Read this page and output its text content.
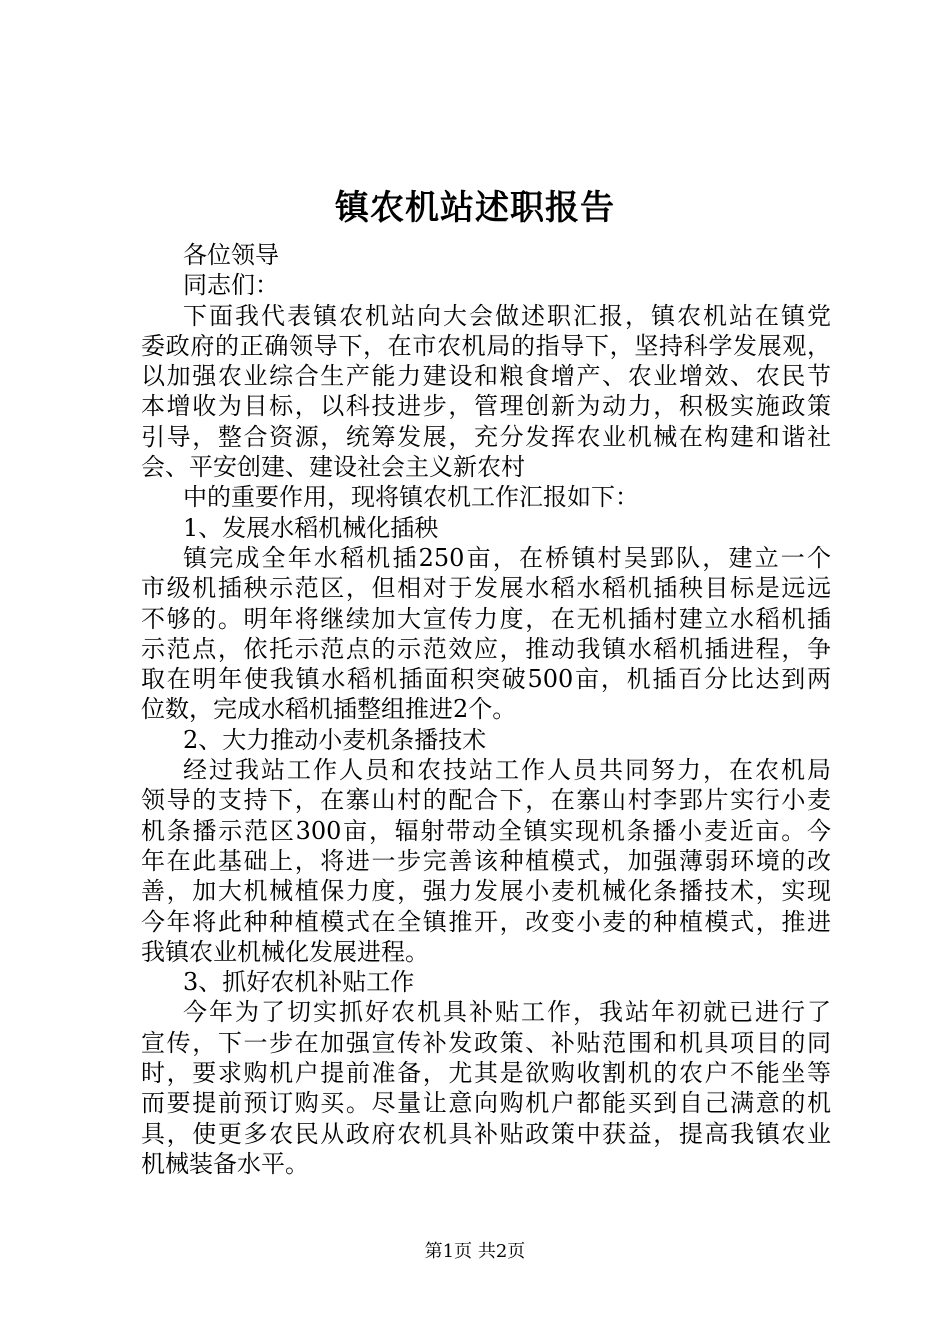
镇农机站述职报告
各位领导
同志们：
下面我代表镇农机站向大会做述职汇报，镇农机站在镇党
委政府的正确领导下，在市农机局的指导下，坚持科学发展观，
以加强农业综合生产能力建设和粮食增产、农业增效、农民节
本增收为目标，以科技进步，管理创新为动力，积极实施政策
引导，整合资源，统筹发展，充分发挥农业机械在构建和谐社
会、平安创建、建设社会主义新农村
中的重要作用，现将镇农机工作汇报如下：
1、发展水稻机械化插秧
镇完成全年水稻机插250亩，在桥镇村吴郢队，建立一个
市级机插秧示范区，但相对于发展水稻水稻机插秧目标是远远
不够的。明年将继续加大宣传力度，在无机插村建立水稻机插
示范点，依托示范点的示范效应，推动我镇水稻机插进程，争
取在明年使我镇水稻机插面积突破500亩，机插百分比达到两
位数，完成水稻机插整组推进2个。
2、大力推动小麦机条播技术
经过我站工作人员和农技站工作人员共同努力，在农机局
领导的支持下，在寨山村的配合下，在寨山村李郢片实行小麦
机条播示范区300亩，辐射带动全镇实现机条播小麦近亩。今
年在此基础上，将进一步完善该种植模式，加强薄弱环境的改
善，加大机械植保力度，强力发展小麦机械化条播技术，实现
今年将此种种植模式在全镇推开，改变小麦的种植模式，推进
我镇农业机械化发展进程。
3、抓好农机补贴工作
今年为了切实抓好农机具补贴工作，我站年初就已进行了
宣传，下一步在加强宣传补发政策、补贴范围和机具项目的同
时，要求购机户提前准备，尤其是欲购收割机的农户不能坐等
而要提前预订购买。尽量让意向购机户都能买到自己满意的机
具，使更多农民从政府农机具补贴政策中获益，提高我镇农业
机械装备水平。
第1页 共2页
